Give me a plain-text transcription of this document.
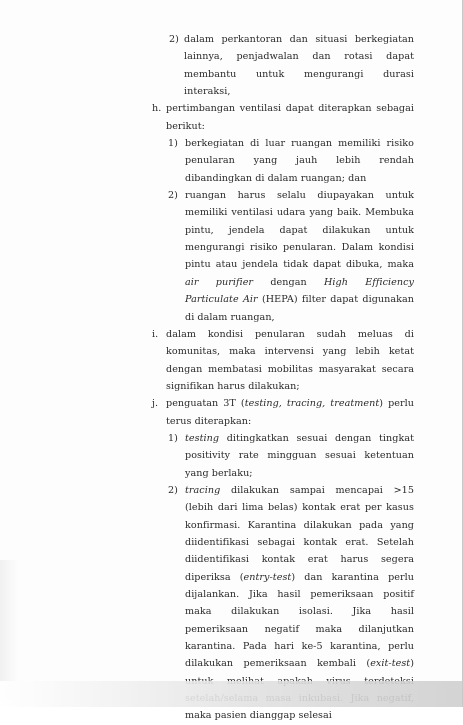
2) dalam perkantoran dan situasi berkegiatan lainnya, penjadwalan dan rotasi dapat membantu untuk mengurangi durasi interaksi,
h. pertimbangan ventilasi dapat diterapkan sebagai berikut:
1) berkegiatan di luar ruangan memiliki risiko penularan yang jauh lebih rendah dibandingkan di dalam ruangan; dan
2) ruangan harus selalu diupayakan untuk memiliki ventilasi udara yang baik. Membuka pintu, jendela dapat dilakukan untuk mengurangi risiko penularan. Dalam kondisi pintu atau jendela tidak dapat dibuka, maka air purifier dengan High Efficiency Particulate Air (HEPA) filter dapat digunakan di dalam ruangan,
i. dalam kondisi penularan sudah meluas di komunitas, maka intervensi yang lebih ketat dengan membatasi mobilitas masyarakat secara signifikan harus dilakukan;
j. penguatan 3T (testing, tracing, treatment) perlu terus diterapkan:
1) testing ditingkatkan sesuai dengan tingkat positivity rate mingguan sesuai ketentuan yang berlaku;
2) tracing dilakukan sampai mencapai >15 (lebih dari lima belas) kontak erat per kasus konfirmasi. Karantina dilakukan pada yang diidentifikasi sebagai kontak erat. Setelah diidentifikasi kontak erat harus segera diperiksa (entry-test) dan karantina perlu dijalankan. Jika hasil pemeriksaan positif maka dilakukan isolasi. Jika hasil pemeriksaan negatif maka dilanjutkan karantina. Pada hari ke-5 karantina, perlu dilakukan pemeriksaan kembali (exit-test) maka pasien dianggap selesai
